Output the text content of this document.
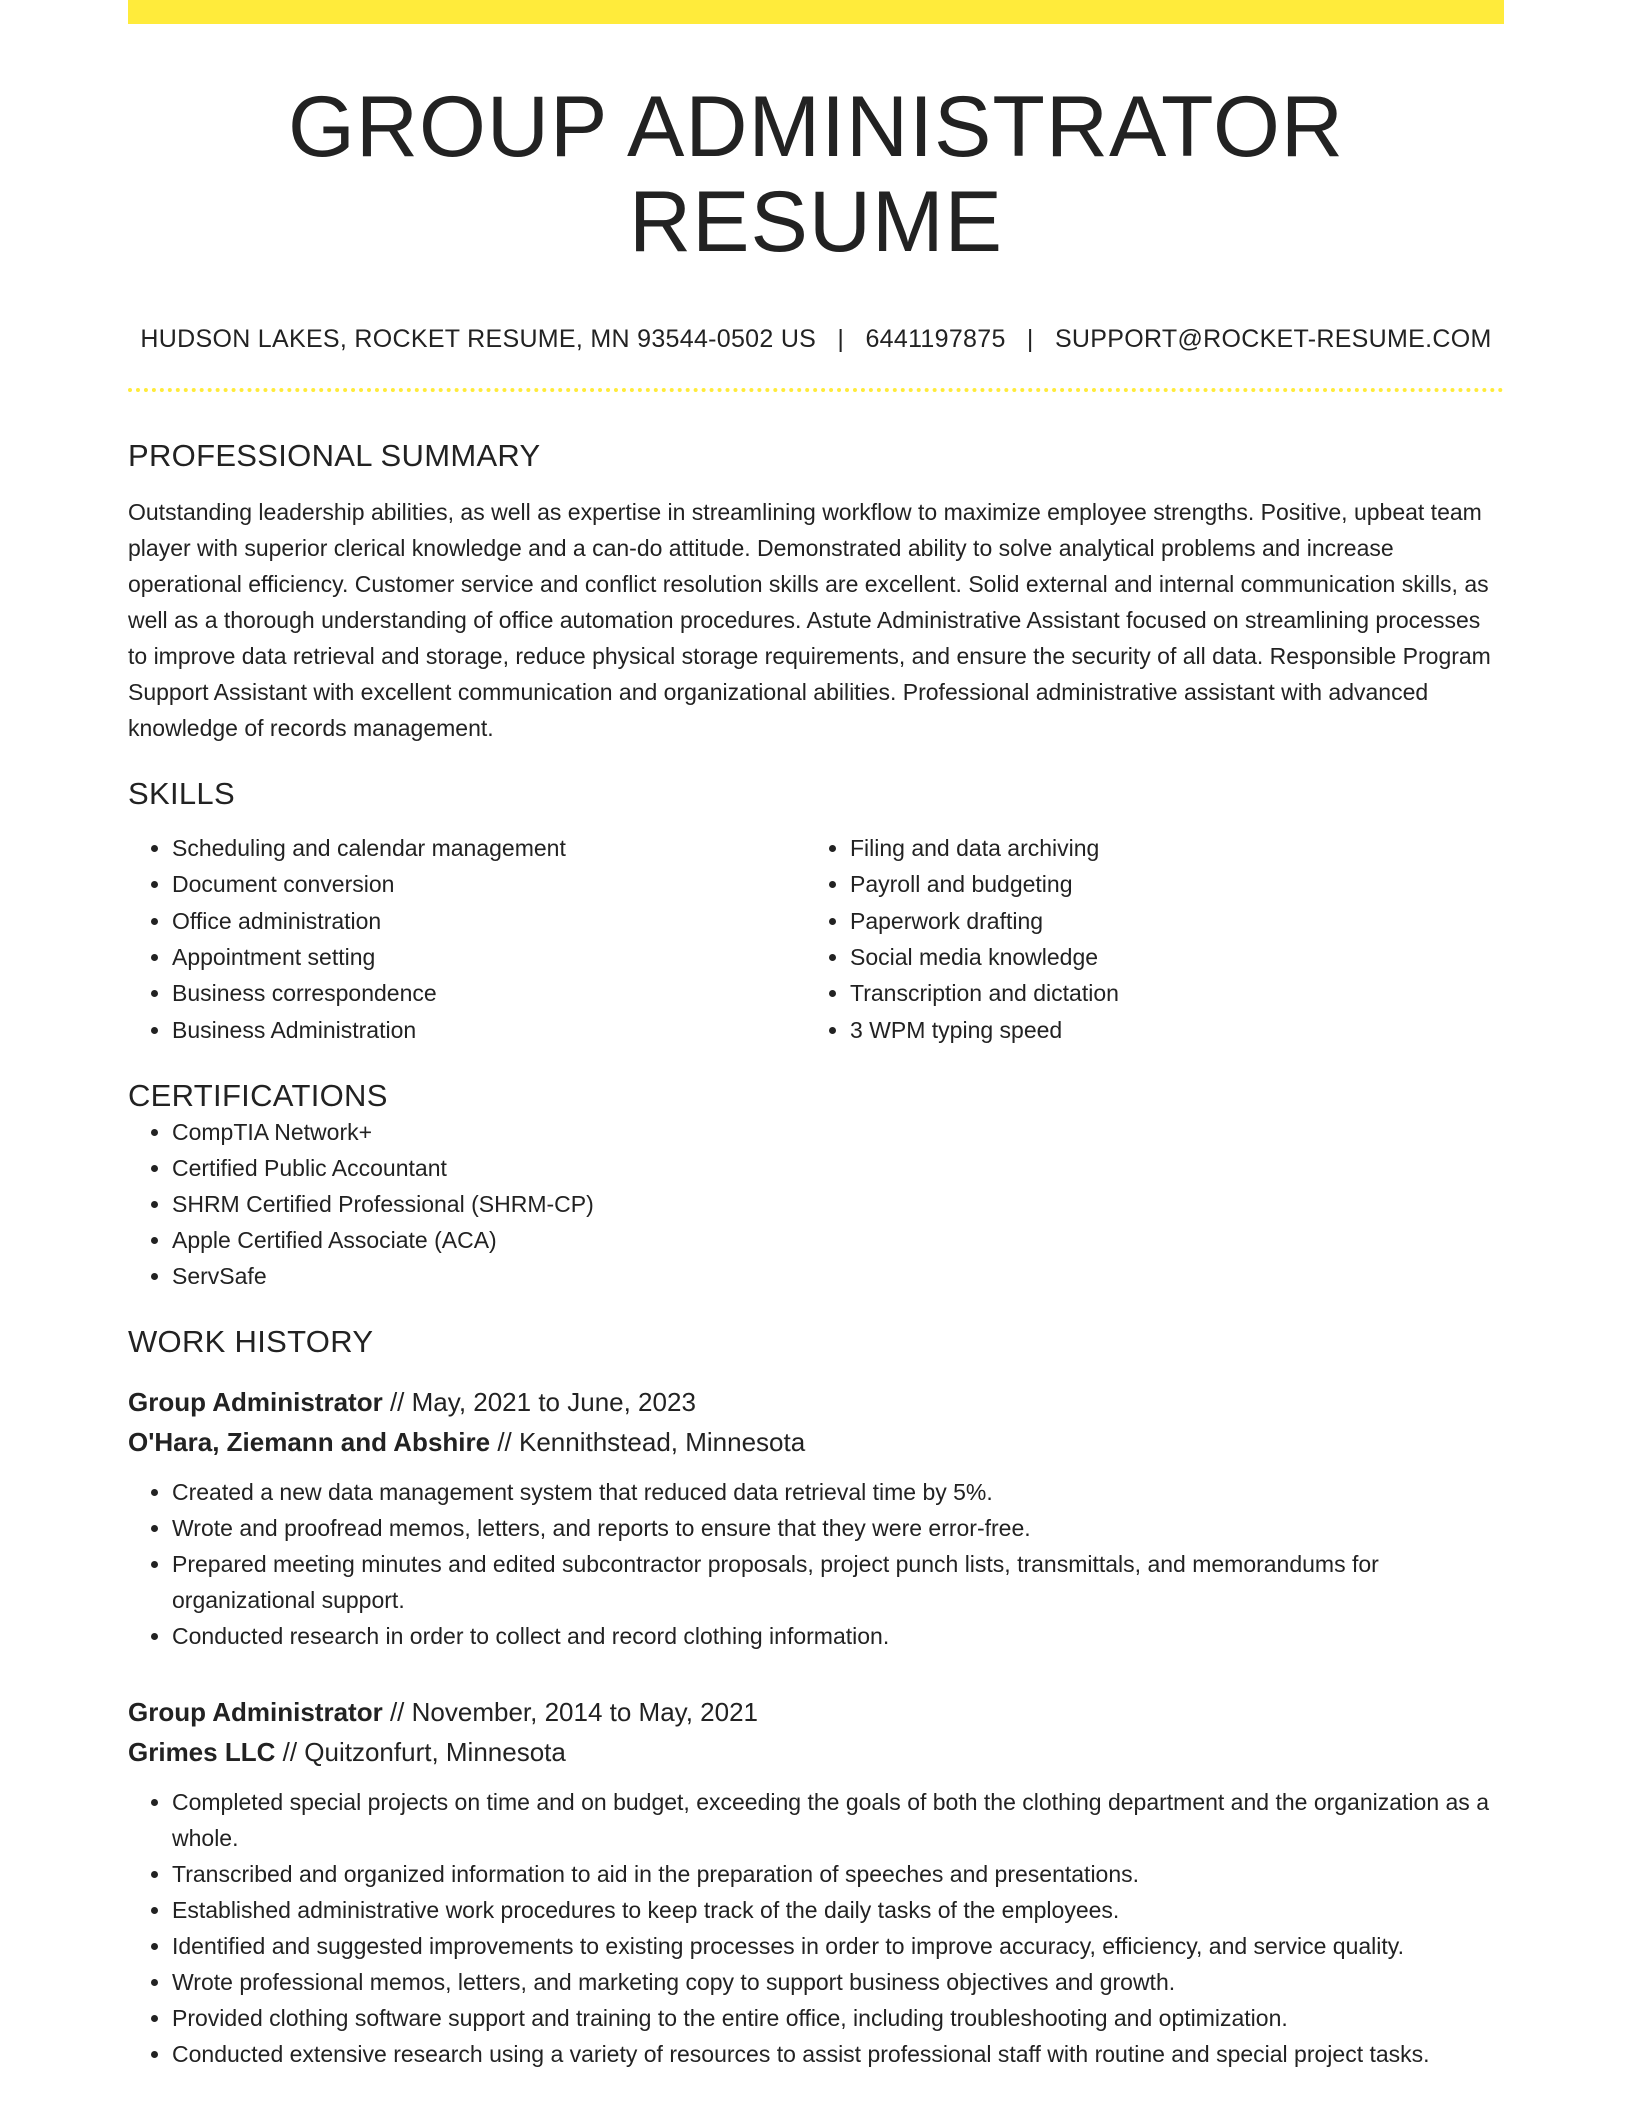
GROUP ADMINISTRATOR RESUME
HUDSON LAKES, ROCKET RESUME, MN 93544-0502 US | 6441197875 | SUPPORT@ROCKET-RESUME.COM
PROFESSIONAL SUMMARY

Outstanding leadership abilities, as well as expertise in streamlining workflow to maximize employee strengths. Positive, upbeat team player with superior clerical knowledge and a can-do attitude. Demonstrated ability to solve analytical problems and increase operational efficiency. Customer service and conflict resolution skills are excellent. Solid external and internal communication skills, as well as a thorough understanding of office automation procedures. Astute Administrative Assistant focused on streamlining processes to improve data retrieval and storage, reduce physical storage requirements, and ensure the security of all data. Responsible Program Support Assistant with excellent communication and organizational abilities. Professional administrative assistant with advanced knowledge of records management.

SKILLS
• Scheduling and calendar management
• Document conversion
• Office administration
• Appointment setting
• Business correspondence
• Business Administration
• Filing and data archiving
• Payroll and budgeting
• Paperwork drafting
• Social media knowledge
• Transcription and dictation
• 3 WPM typing speed
CERTIFICATIONS
• CompTIA Network+
• Certified Public Accountant
• SHRM Certified Professional (SHRM-CP)
• Apple Certified Associate (ACA)
• ServSafe
WORK HISTORY
Group Administrator // May, 2021 to June, 2023
O'Hara, Ziemann and Abshire // Kennithstead, Minnesota
• Created a new data management system that reduced data retrieval time by 5%.
• Wrote and proofread memos, letters, and reports to ensure that they were error-free.
• Prepared meeting minutes and edited subcontractor proposals, project punch lists, transmittals, and memorandums for organizational support.
• Conducted research in order to collect and record clothing information.
Group Administrator // November, 2014 to May, 2021
Grimes LLC // Quitzonfurt, Minnesota
• Completed special projects on time and on budget, exceeding the goals of both the clothing department and the organization as a whole.
• Transcribed and organized information to aid in the preparation of speeches and presentations.
• Established administrative work procedures to keep track of the daily tasks of the employees.
• Identified and suggested improvements to existing processes in order to improve accuracy, efficiency, and service quality.
• Wrote professional memos, letters, and marketing copy to support business objectives and growth.
• Provided clothing software support and training to the entire office, including troubleshooting and optimization.
• Conducted extensive research using a variety of resources to assist professional staff with routine and special project tasks.
